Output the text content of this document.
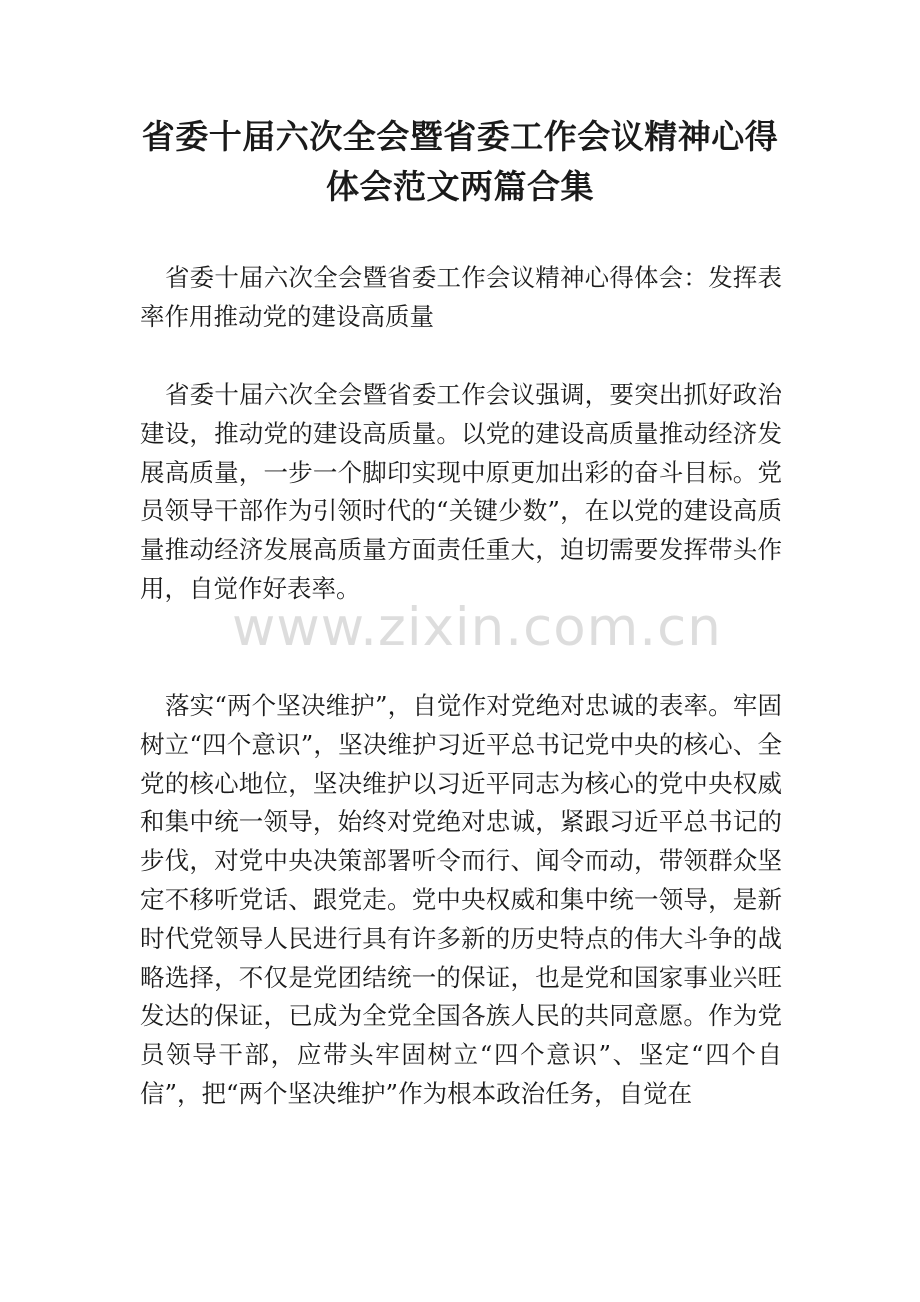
省委十届六次全会暨省委工作会议精神心得体会范文两篇合集

省委十届六次全会暨省委工作会议精神心得体会：发挥表率作用推动党的建设高质量

省委十届六次全会暨省委工作会议强调，要突出抓好政治建设，推动党的建设高质量。以党的建设高质量推动经济发展高质量，一步一个脚印实现中原更加出彩的奋斗目标。党员领导干部作为引领时代的“关键少数”，在以党的建设高质量推动经济发展高质量方面责任重大，迫切需要发挥带头作用，自觉作好表率。

落实“两个坚决维护”，自觉作对党绝对忠诚的表率。牢固树立“四个意识”，坚决维护习近平总书记党中央的核心、全党的核心地位，坚决维护以习近平同志为核心的党中央权威和集中统一领导，始终对党绝对忠诚，紧跟习近平总书记的步伐，对党中央决策部署听令而行、闻令而动，带领群众坚定不移听党话、跟党走。党中央权威和集中统一领导，是新时代党领导人民进行具有许多新的历史特点的伟大斗争的战略选择，不仅是党团结统一的保证，也是党和国家事业兴旺发达的保证，已成为全党全国各族人民的共同意愿。作为党员领导干部，应带头牢固树立“四个意识”、坚定“四个自信”，把“两个坚决维护”作为根本政治任务，自觉在

www.zixin.com.cn
